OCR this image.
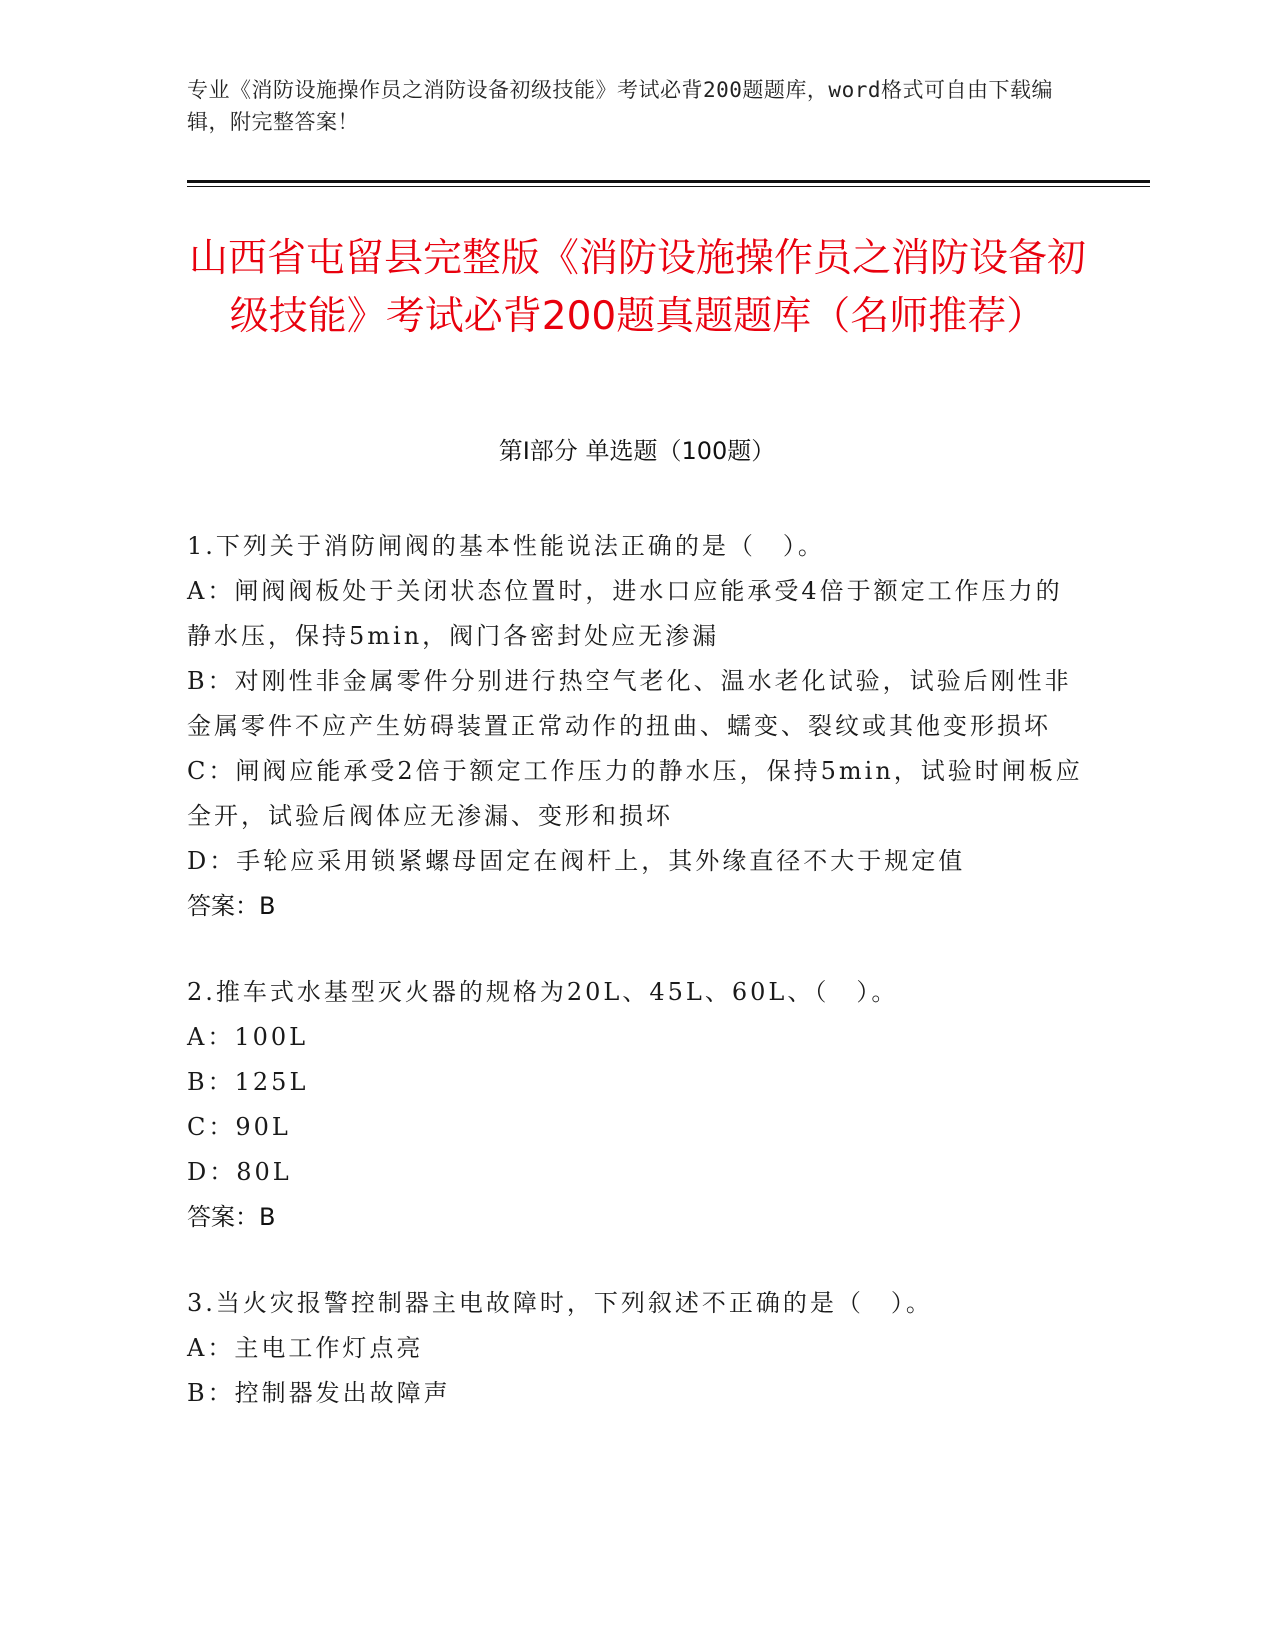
专业《消防设施操作员之消防设备初级技能》考试必背200题题库，word格式可自由下载编辑，附完整答案！
山西省屯留县完整版《消防设施操作员之消防设备初级技能》考试必背200题真题题库（名师推荐）
第Ⅰ部分 单选题（100题）
1.下列关于消防闸阀的基本性能说法正确的是（　）。
A：闸阀阀板处于关闭状态位置时，进水口应能承受4倍于额定工作压力的静水压，保持5min，阀门各密封处应无渗漏
B：对刚性非金属零件分别进行热空气老化、温水老化试验，试验后刚性非金属零件不应产生妨碍装置正常动作的扭曲、蠕变、裂纹或其他变形损坏
C：闸阀应能承受2倍于额定工作压力的静水压，保持5min，试验时闸板应全开，试验后阀体应无渗漏、变形和损坏
D：手轮应采用锁紧螺母固定在阀杆上，其外缘直径不大于规定值
答案：B
2.推车式水基型灭火器的规格为20L、45L、60L、（　）。
A：100L
B：125L
C：90L
D：80L
答案：B
3.当火灾报警控制器主电故障时，下列叙述不正确的是（　）。
A：主电工作灯点亮
B：控制器发出故障声
